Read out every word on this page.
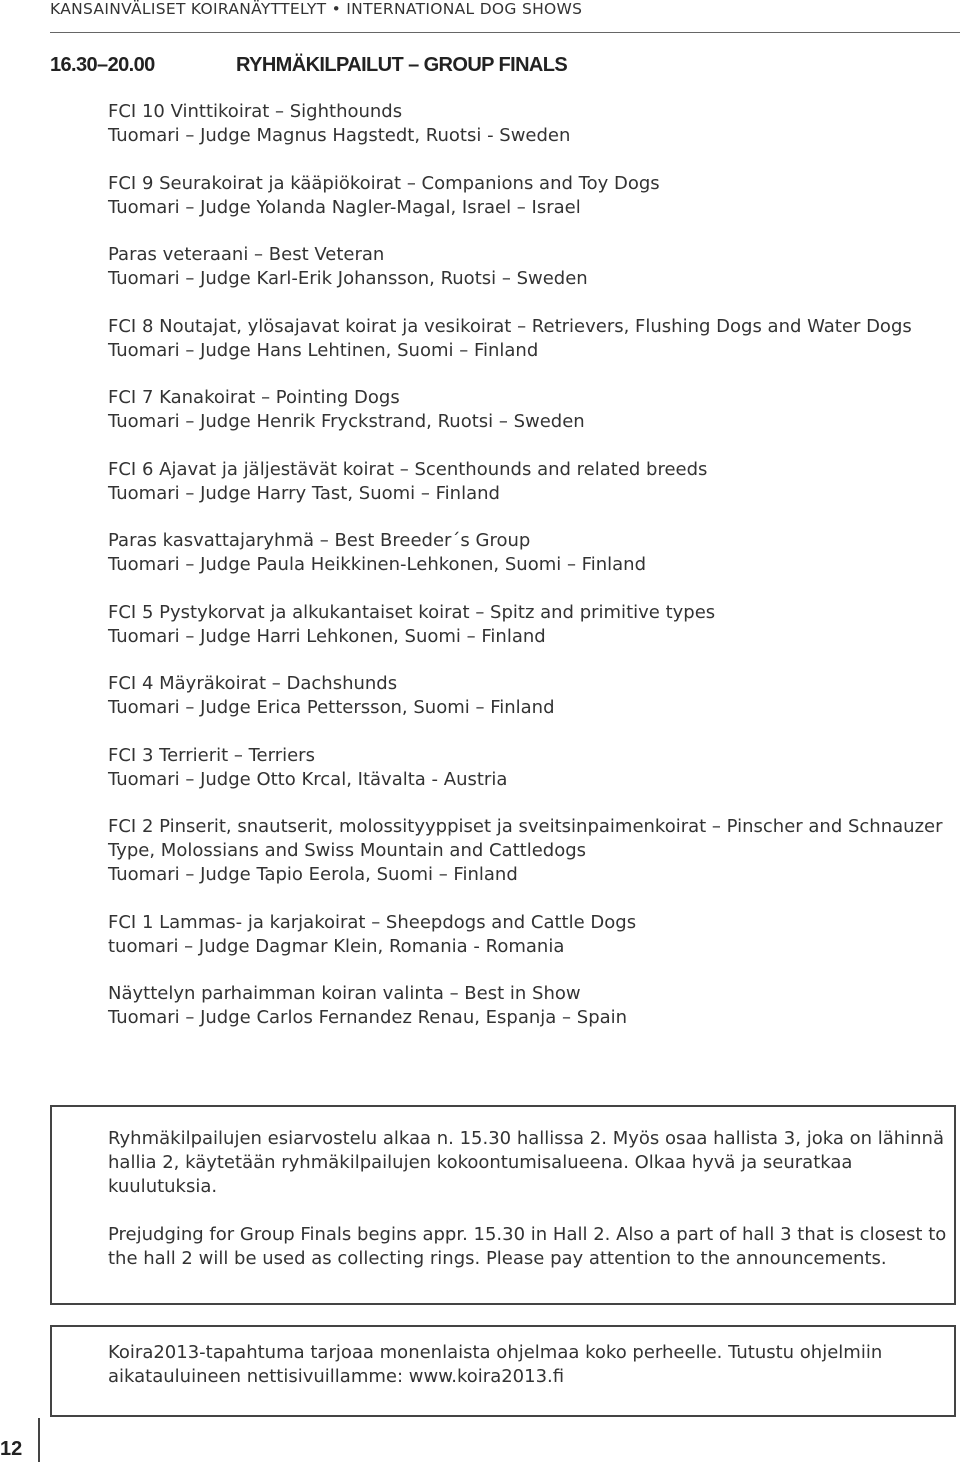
KANSAINVÄLISET KOIRANÄYTTELYT • INTERNATIONAL DOG SHOWS
16.30–20.00	RYHMÄKILPAILUT – GROUP FINALS
FCI 10 Vinttikoirat – Sighthounds
Tuomari – Judge Magnus Hagstedt, Ruotsi - Sweden
FCI 9 Seurakoirat ja kääpiökoirat – Companions and Toy Dogs
Tuomari – Judge Yolanda Nagler-Magal, Israel – Israel
Paras veteraani – Best Veteran
Tuomari – Judge Karl-Erik Johansson, Ruotsi – Sweden
FCI 8 Noutajat, ylösajavat koirat ja vesikoirat – Retrievers, Flushing Dogs and Water Dogs
Tuomari – Judge Hans Lehtinen, Suomi – Finland
FCI 7 Kanakoirat – Pointing Dogs
Tuomari – Judge Henrik Fryckstrand, Ruotsi – Sweden
FCI 6 Ajavat ja jäljestävät koirat – Scenthounds and related breeds
Tuomari – Judge Harry Tast, Suomi – Finland
Paras kasvattajaryhmä – Best Breeder´s Group
Tuomari – Judge Paula Heikkinen-Lehkonen, Suomi – Finland
FCI 5 Pystykorvat ja alkukantaiset koirat – Spitz and primitive types
Tuomari – Judge Harri Lehkonen, Suomi – Finland
FCI 4 Mäyräkoirat – Dachshunds
Tuomari – Judge Erica Pettersson, Suomi – Finland
FCI 3 Terrierit – Terriers
Tuomari – Judge Otto Krcal, Itävalta - Austria
FCI 2 Pinserit, snautserit, molossityyppiset ja sveitsinpaimenkoirat – Pinscher and Schnauzer Type, Molossians and Swiss Mountain and Cattledogs
Tuomari – Judge Tapio Eerola, Suomi – Finland
FCI 1 Lammas- ja karjakoirat – Sheepdogs and Cattle Dogs
tuomari – Judge Dagmar Klein, Romania - Romania
Näyttelyn parhaimman koiran valinta – Best in Show
Tuomari – Judge Carlos Fernandez Renau, Espanja – Spain

Ryhmäkilpailujen esiarvostelu alkaa n. 15.30 hallissa 2. Myös osaa hallista 3, joka on lähinnä hallia 2, käytetään ryhmäkilpailujen kokoontumisalueena. Olkaa hyvä ja seuratkaa kuulutuksia.

Prejudging for Group Finals begins appr. 15.30 in Hall 2. Also a part of hall 3 that is closest to the hall 2 will be used as collecting rings. Please pay attention to the announcements.

Koira2013-tapahtuma tarjoaa monenlaista ohjelmaa koko perheelle. Tutustu ohjelmiin aikatauluineen nettisivuillamme: www.koira2013.fi

12
